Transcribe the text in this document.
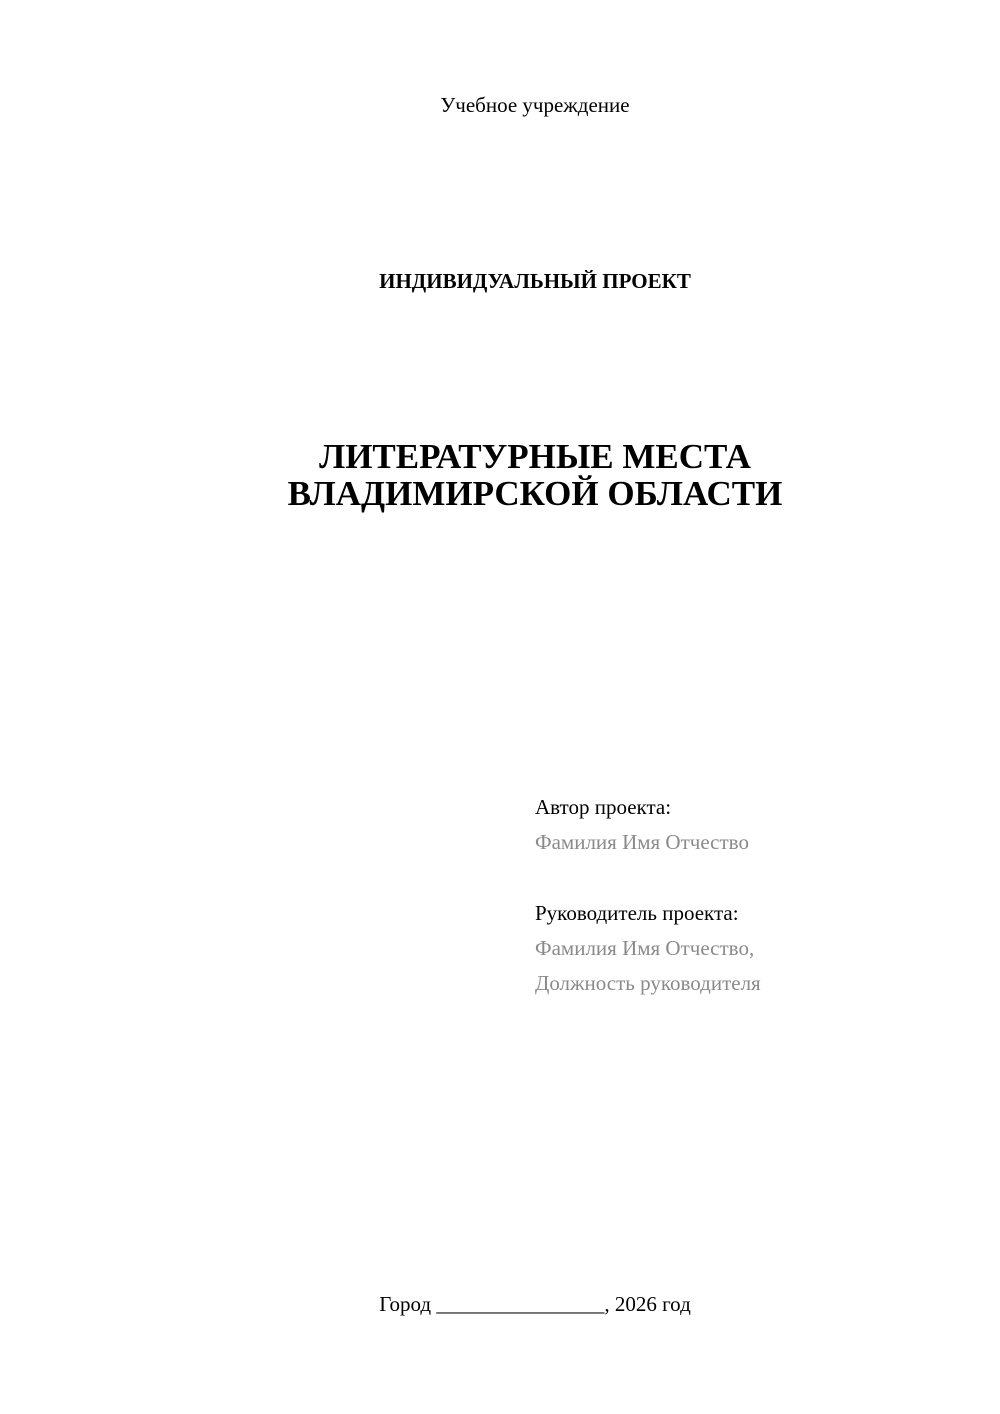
Учебное учреждение
ИНДИВИДУАЛЬНЫЙ ПРОЕКТ
ЛИТЕРАТУРНЫЕ МЕСТА
ВЛАДИМИРСКОЙ ОБЛАСТИ
Автор проекта:
Фамилия Имя Отчество
Руководитель проекта:
Фамилия Имя Отчество,
Должность руководителя
Город ________________, 2026 год
